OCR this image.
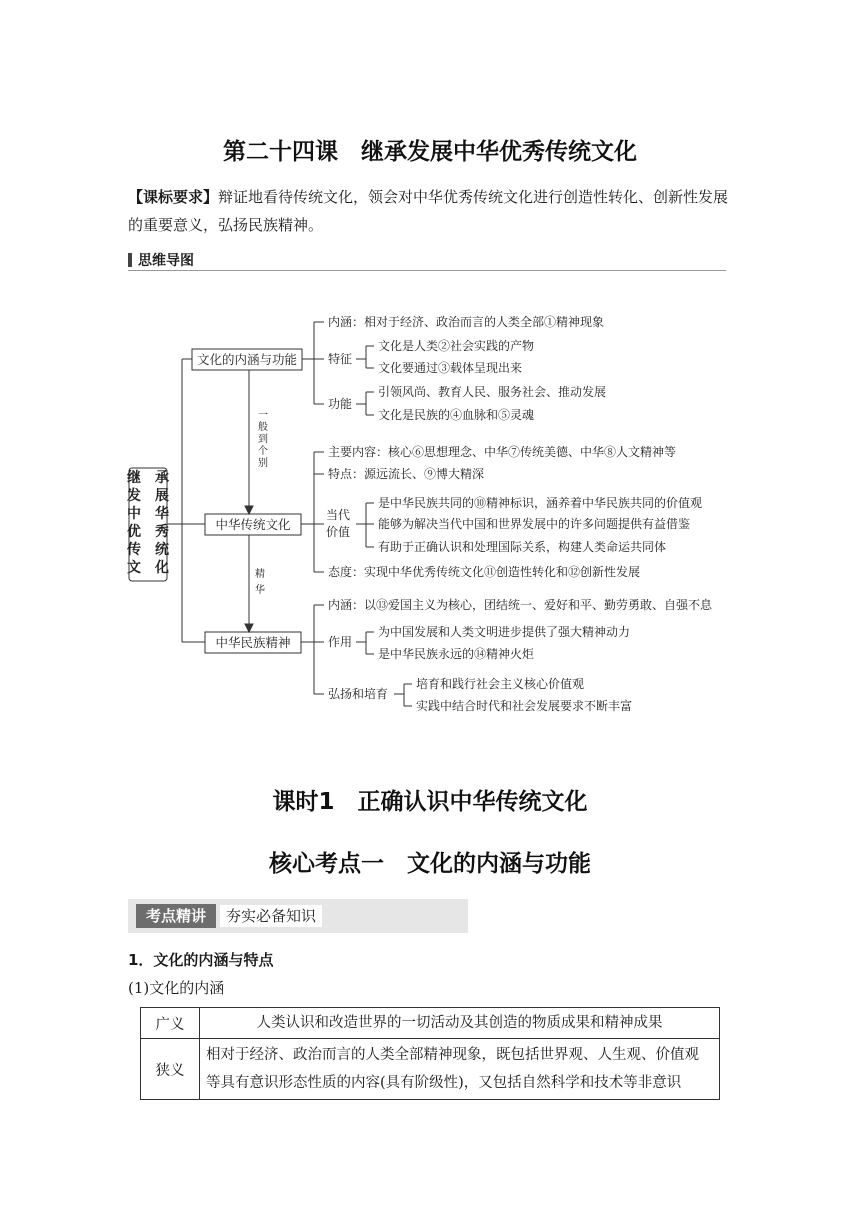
第二十四课　继承发展中华优秀传统文化
【课标要求】辩证地看待传统文化，领会对中华优秀传统文化进行创造性转化、创新性发展的重要意义，弘扬民族精神。
思维导图
继　承
发　展
中　华
优　秀
传　统
文　化
文化的内涵与功能
中华传统文化
中华民族精神
一
般
到
个
别
精
华
内涵：相对于经济、政治而言的人类全部①精神现象
特征
文化是人类②社会实践的产物
文化要通过③载体呈现出来
功能
引领风尚、教育人民、服务社会、推动发展
文化是民族的④血脉和⑤灵魂
主要内容：核心⑥思想理念、中华⑦传统美德、中华⑧人文精神等
特点：源远流长、⑨博大精深
当代
价值
是中华民族共同的⑩精神标识，涵养着中华民族共同的价值观
能够为解决当代中国和世界发展中的许多问题提供有益借鉴
有助于正确认识和处理国际关系，构建人类命运共同体
态度：实现中华优秀传统文化⑪创造性转化和⑫创新性发展
内涵：以⑬爱国主义为核心，团结统一、爱好和平、勤劳勇敢、自强不息
作用
为中国发展和人类文明进步提供了强大精神动力
是中华民族永远的⑭精神火炬
弘扬和培育
培育和践行社会主义核心价值观
实践中结合时代和社会发展要求不断丰富
课时1　正确认识中华传统文化
核心考点一　文化的内涵与功能
考点精讲	夯实必备知识
1．文化的内涵与特点
(1)文化的内涵
广义	人类认识和改造世界的一切活动及其创造的物质成果和精神成果
狭义	相对于经济、政治而言的人类全部精神现象，既包括世界观、人生观、价值观等具有意识形态性质的内容(具有阶级性)，又包括自然科学和技术等非意识
